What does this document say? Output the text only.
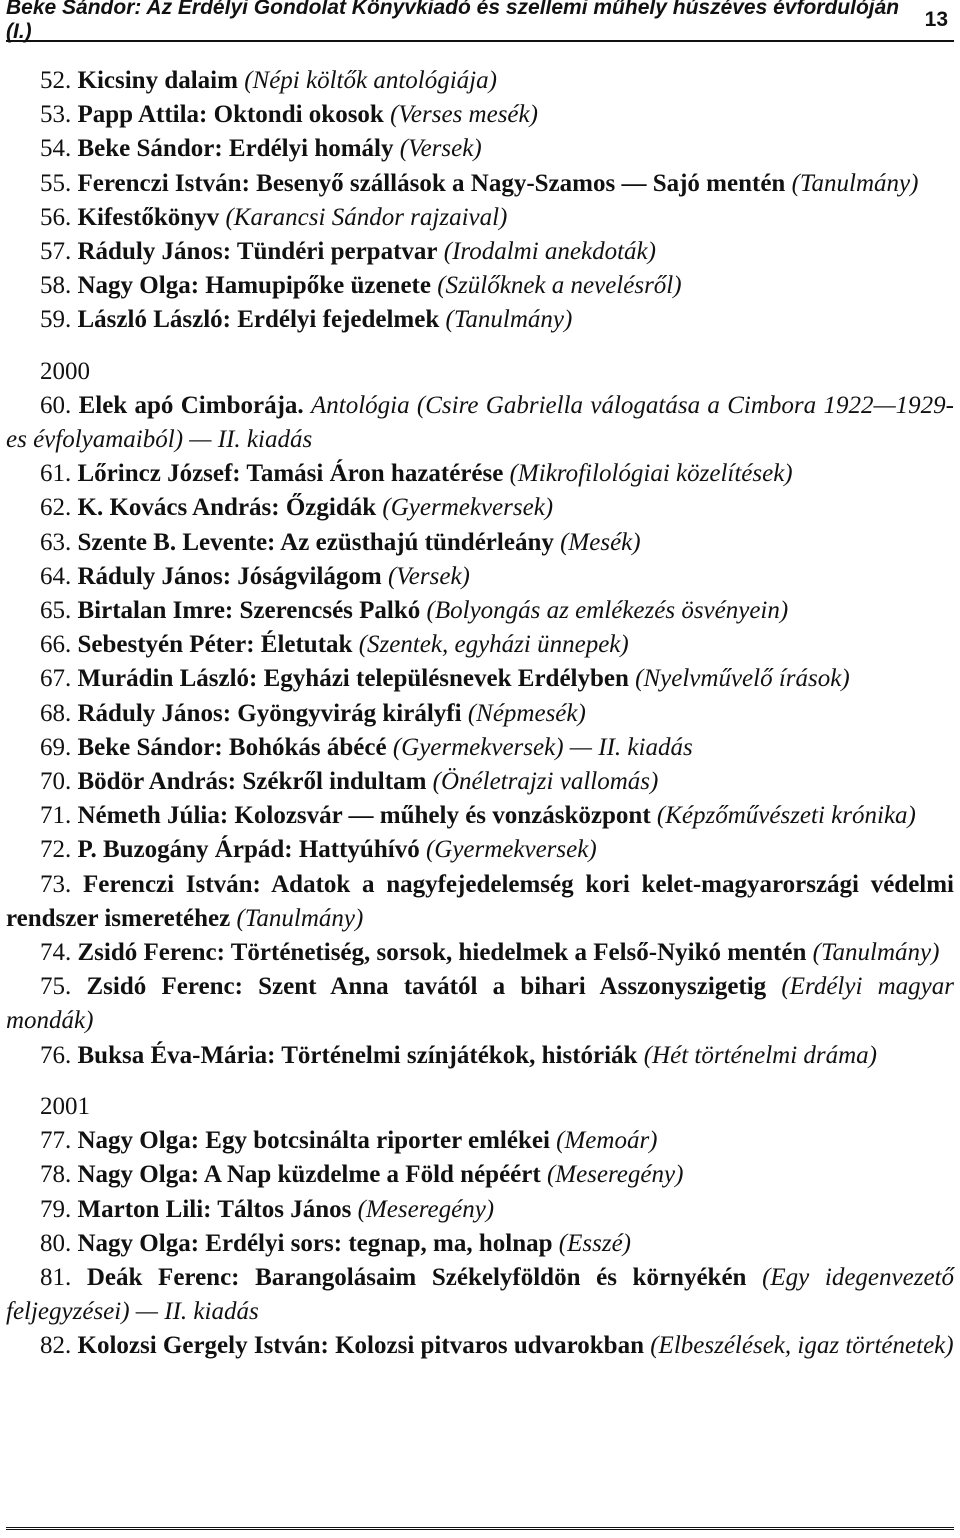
Beke Sándor: Az Erdélyi Gondolat Könyvkiadó és szellemi műhely húszéves évfordulóján (I.)
13

52. Kicsiny dalaim (Népi költők antológiája)

53. Papp Attila: Oktondi okosok (Verses mesék)

54. Beke Sándor: Erdélyi homály (Versek)

55. Ferenczi István: Besenyő szállások a Nagy-Szamos — Sajó mentén (Tanulmány)

56. Kifestőkönyv (Karancsi Sándor rajzaival)

57. Ráduly János: Tündéri perpatvar (Irodalmi anekdoták)

58. Nagy Olga: Hamupipőke üzenete (Szülőknek a nevelésről)

59. László László: Erdélyi fejedelmek (Tanulmány)

2000

60. Elek apó Cimborája. Antológia (Csire Gabriella válogatása a Cimbora 1922—1929-es évfolyamaiból) — II. kiadás

61. Lőrincz József: Tamási Áron hazatérése (Mikrofilológiai közelítések)

62. K. Kovács András: Őzgidák (Gyermekversek)

63. Szente B. Levente: Az ezüsthajú tündérleány (Mesék)

64. Ráduly János: Jóságvilágom (Versek)

65. Birtalan Imre: Szerencsés Palkó (Bolyongás az emlékezés ösvényein)

66. Sebestyén Péter: Életutak (Szentek, egyházi ünnepek)

67. Murádin László: Egyházi településnevek Erdélyben (Nyelvművelő írások)

68. Ráduly János: Gyöngyvirág királyfi (Népmesék)

69. Beke Sándor: Bohókás ábécé (Gyermekversek) — II. kiadás

70. Bödör András: Székről indultam (Önéletrajzi vallomás)

71. Németh Júlia: Kolozsvár — műhely és vonzásközpont (Képzőművészeti krónika)

72. P. Buzogány Árpád: Hattyúhívó (Gyermekversek)

73. Ferenczi István: Adatok a nagyfejedelemség kori kelet-magyarországi védelmi rendszer ismeretéhez (Tanulmány)

74. Zsidó Ferenc: Történetiség, sorsok, hiedelmek a Felső-Nyikó mentén (Tanulmány)

75. Zsidó Ferenc: Szent Anna tavától a bihari Asszonyszigetig (Erdélyi magyar mondák)

76. Buksa Éva-Mária: Történelmi színjátékok, históriák (Hét történelmi dráma)

2001

77. Nagy Olga: Egy botcsinálta riporter emlékei (Memoár)

78. Nagy Olga: A Nap küzdelme a Föld népéért (Meseregény)

79. Marton Lili: Táltos János (Meseregény)

80. Nagy Olga: Erdélyi sors: tegnap, ma, holnap (Esszé)

81. Deák Ferenc: Barangolásaim Székelyföldön és környékén (Egy idegenvezető feljegyzései) — II. kiadás

82. Kolozsi Gergely István: Kolozsi pitvaros udvarokban (Elbeszélések, igaz történetek)
